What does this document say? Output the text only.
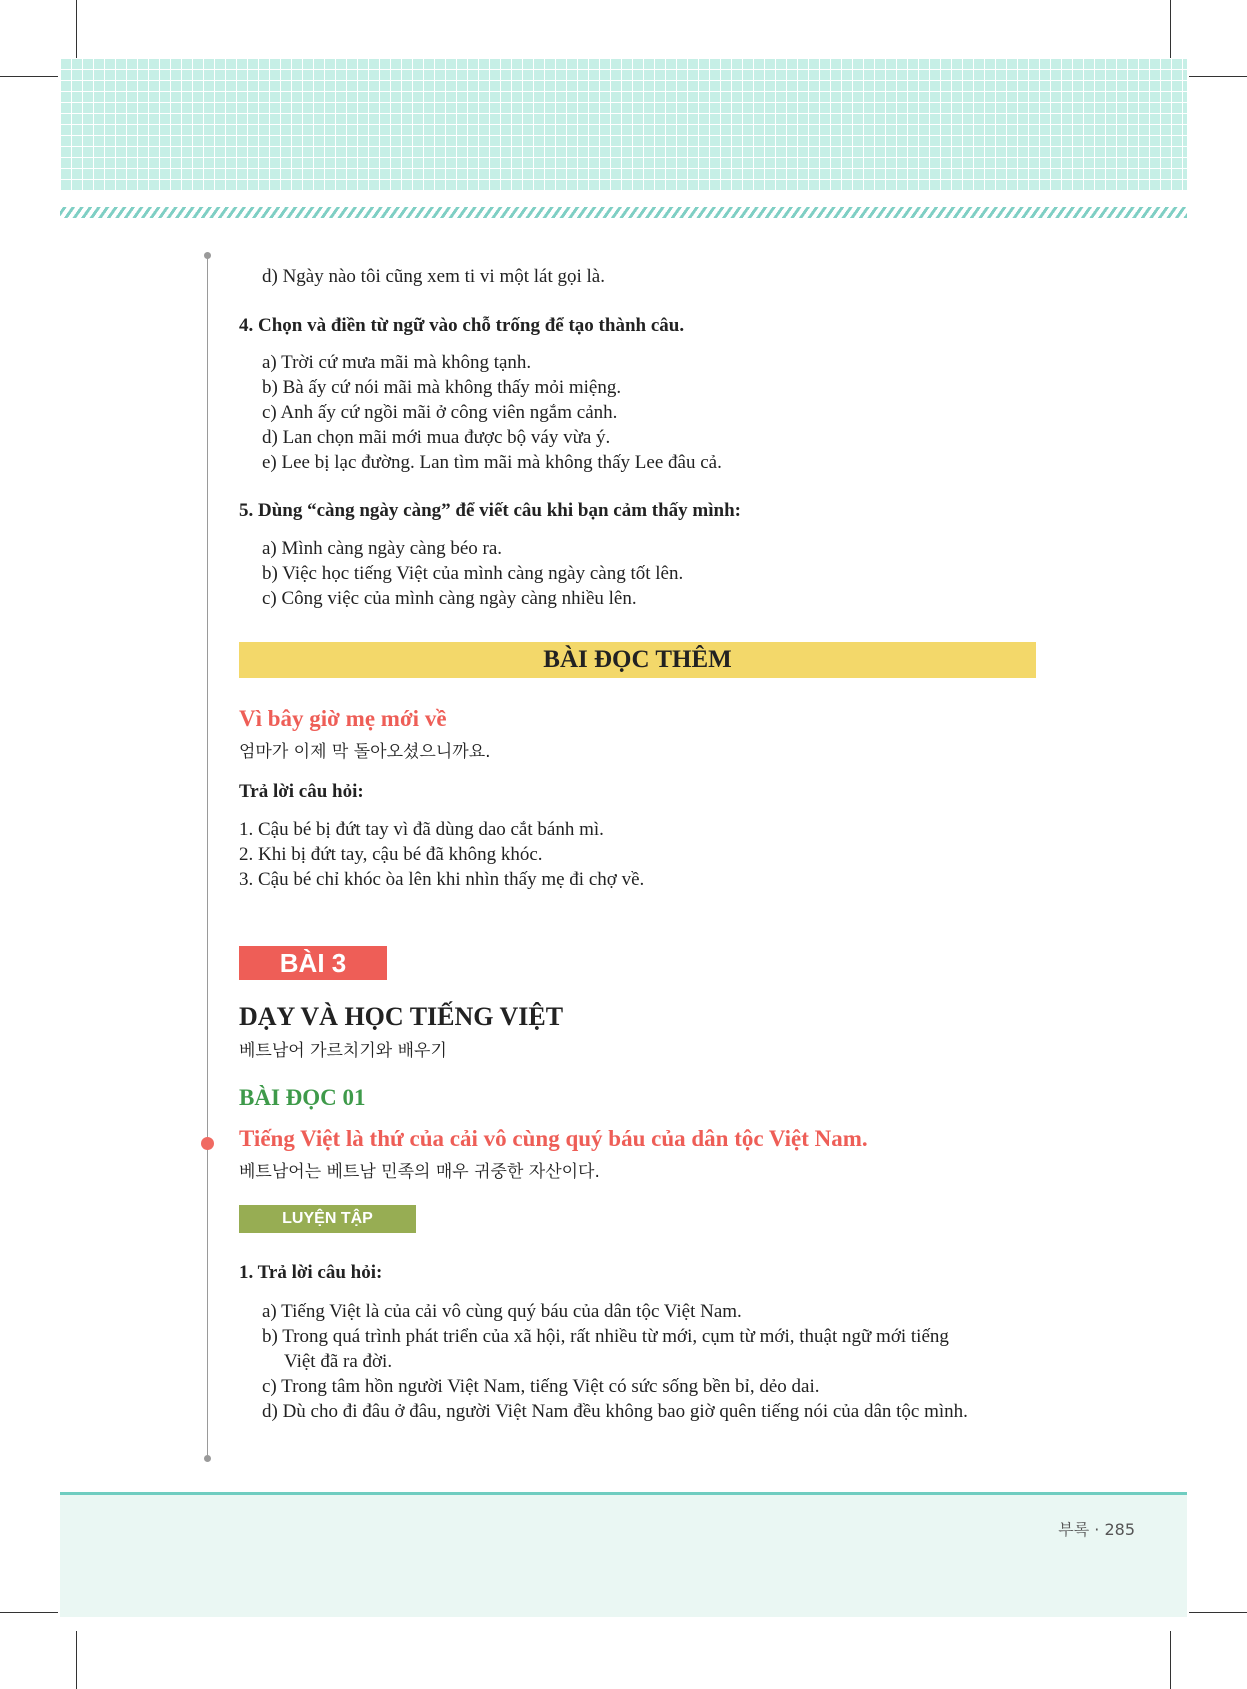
d) Ngày nào tôi cũng xem ti vi một lát gọi là.
4. Chọn và điền từ ngữ vào chỗ trống để tạo thành câu.
a) Trời cứ mưa mãi mà không tạnh.
b) Bà ấy cứ nói mãi mà không thấy mỏi miệng.
c) Anh ấy cứ ngồi mãi ở công viên ngắm cảnh.
d) Lan chọn mãi mới mua được bộ váy vừa ý.
e) Lee bị lạc đường. Lan tìm mãi mà không thấy Lee đâu cả.
5. Dùng “càng ngày càng” để viết câu khi bạn cảm thấy mình:
a) Mình càng ngày càng béo ra.
b) Việc học tiếng Việt của mình càng ngày càng tốt lên.
c) Công việc của mình càng ngày càng nhiều lên.
BÀI ĐỌC THÊM
Vì bây giờ mẹ mới về
엄마가 이제 막 돌아오셨으니까요.
Trả lời câu hỏi:
1. Cậu bé bị đứt tay vì đã dùng dao cắt bánh mì.
2. Khi bị đứt tay, cậu bé đã không khóc.
3. Cậu bé chỉ khóc òa lên khi nhìn thấy mẹ đi chợ về.
BÀI 3
DẠY VÀ HỌC TIẾNG VIỆT
베트남어 가르치기와 배우기
BÀI ĐỌC 01
Tiếng Việt là thứ của cải vô cùng quý báu của dân tộc Việt Nam.
베트남어는 베트남 민족의 매우 귀중한 자산이다.
LUYỆN TẬP
1. Trả lời câu hỏi:
a) Tiếng Việt là của cải vô cùng quý báu của dân tộc Việt Nam.
b) Trong quá trình phát triển của xã hội, rất nhiều từ mới, cụm từ mới, thuật ngữ mới tiếng
Việt đã ra đời.
c) Trong tâm hồn người Việt Nam, tiếng Việt có sức sống bền bỉ, dẻo dai.
d) Dù cho đi đâu ở đâu, người Việt Nam đều không bao giờ quên tiếng nói của dân tộc mình.
부록 · 285
